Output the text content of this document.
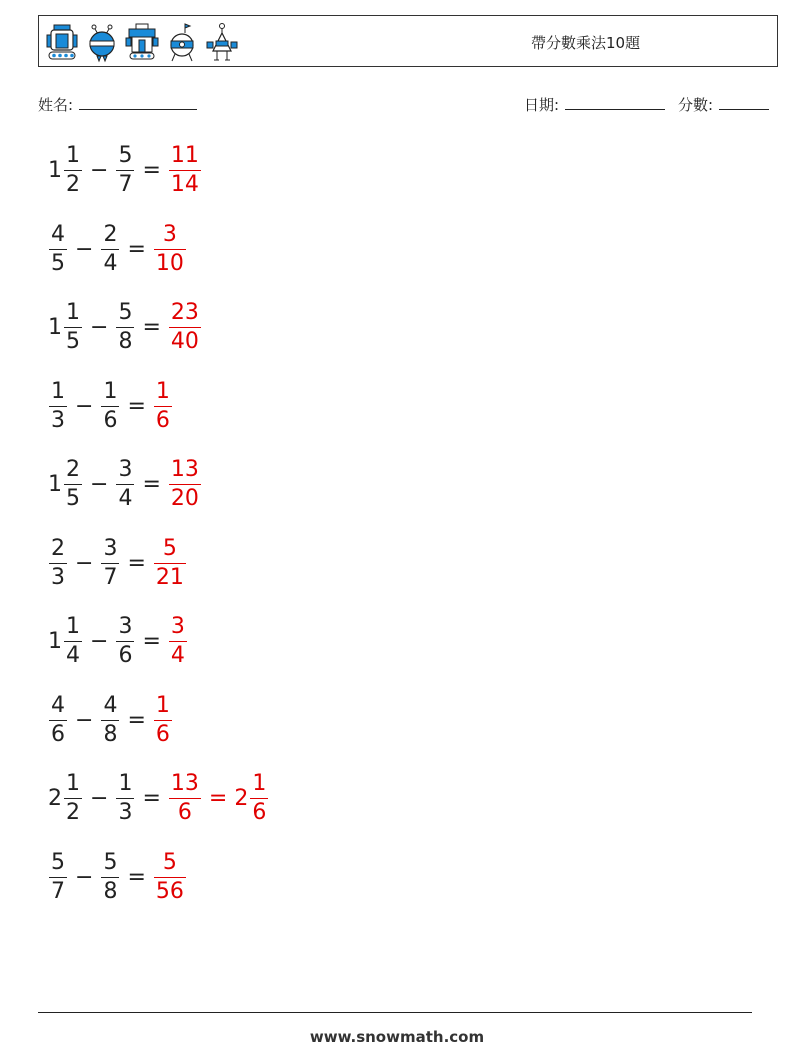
帶分數乘法10題
姓名:	日期:	分數:
$1 \frac{1}{2} - \frac{5}{7} = \frac{11}{14}$
$\frac{4}{5} - \frac{2}{4} = \frac{3}{10}$
$1 \frac{1}{5} - \frac{5}{8} = \frac{23}{40}$
$\frac{1}{3} - \frac{1}{6} = \frac{1}{6}$
$1 \frac{2}{5} - \frac{3}{4} = \frac{13}{20}$
$\frac{2}{3} - \frac{3}{7} = \frac{5}{21}$
$1 \frac{1}{4} - \frac{3}{6} = \frac{3}{4}$
$\frac{4}{6} - \frac{4}{8} = \frac{1}{6}$
$2 \frac{1}{2} - \frac{1}{3} = \frac{13}{6} = 2 \frac{1}{6}$
$\frac{5}{7} - \frac{5}{8} = \frac{5}{56}$
www.snowmath.com
